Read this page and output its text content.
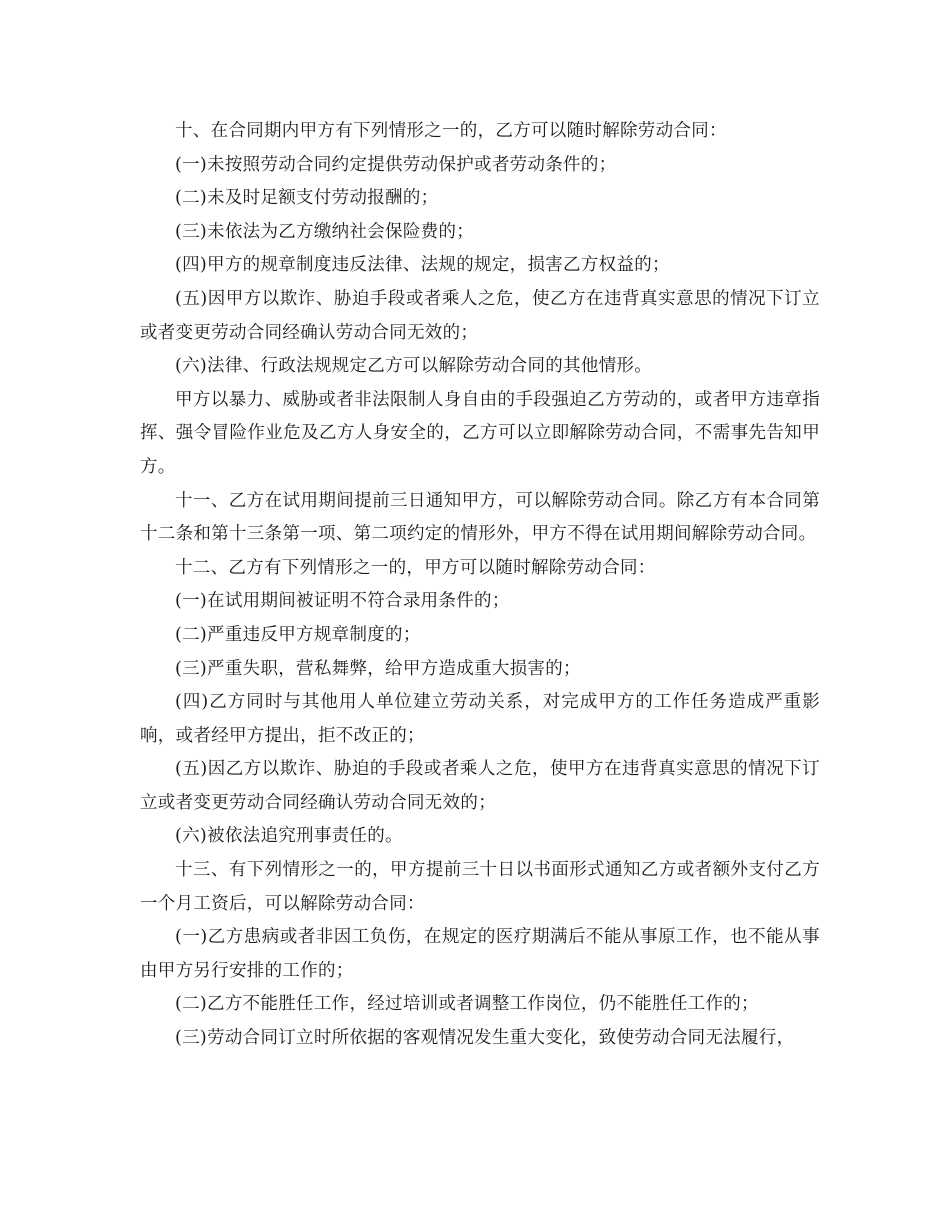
十、在合同期内甲方有下列情形之一的，乙方可以随时解除劳动合同：

(一)未按照劳动合同约定提供劳动保护或者劳动条件的；

(二)未及时足额支付劳动报酬的；

(三)未依法为乙方缴纳社会保险费的；

(四)甲方的规章制度违反法律、法规的规定，损害乙方权益的；

(五)因甲方以欺诈、胁迫手段或者乘人之危，使乙方在违背真实意思的情况下订立或者变更劳动合同经确认劳动合同无效的；

(六)法律、行政法规规定乙方可以解除劳动合同的其他情形。

甲方以暴力、威胁或者非法限制人身自由的手段强迫乙方劳动的，或者甲方违章指挥、强令冒险作业危及乙方人身安全的，乙方可以立即解除劳动合同，不需事先告知甲方。

十一、乙方在试用期间提前三日通知甲方，可以解除劳动合同。除乙方有本合同第十二条和第十三条第一项、第二项约定的情形外，甲方不得在试用期间解除劳动合同。

十二、乙方有下列情形之一的，甲方可以随时解除劳动合同：

(一)在试用期间被证明不符合录用条件的；

(二)严重违反甲方规章制度的；

(三)严重失职，营私舞弊，给甲方造成重大损害的；

(四)乙方同时与其他用人单位建立劳动关系，对完成甲方的工作任务造成严重影响，或者经甲方提出，拒不改正的；

(五)因乙方以欺诈、胁迫的手段或者乘人之危，使甲方在违背真实意思的情况下订立或者变更劳动合同经确认劳动合同无效的；

(六)被依法追究刑事责任的。

十三、有下列情形之一的，甲方提前三十日以书面形式通知乙方或者额外支付乙方一个月工资后，可以解除劳动合同：

(一)乙方患病或者非因工负伤，在规定的医疗期满后不能从事原工作，也不能从事由甲方另行安排的工作的；

(二)乙方不能胜任工作，经过培训或者调整工作岗位，仍不能胜任工作的；

(三)劳动合同订立时所依据的客观情况发生重大变化，致使劳动合同无法履行，
